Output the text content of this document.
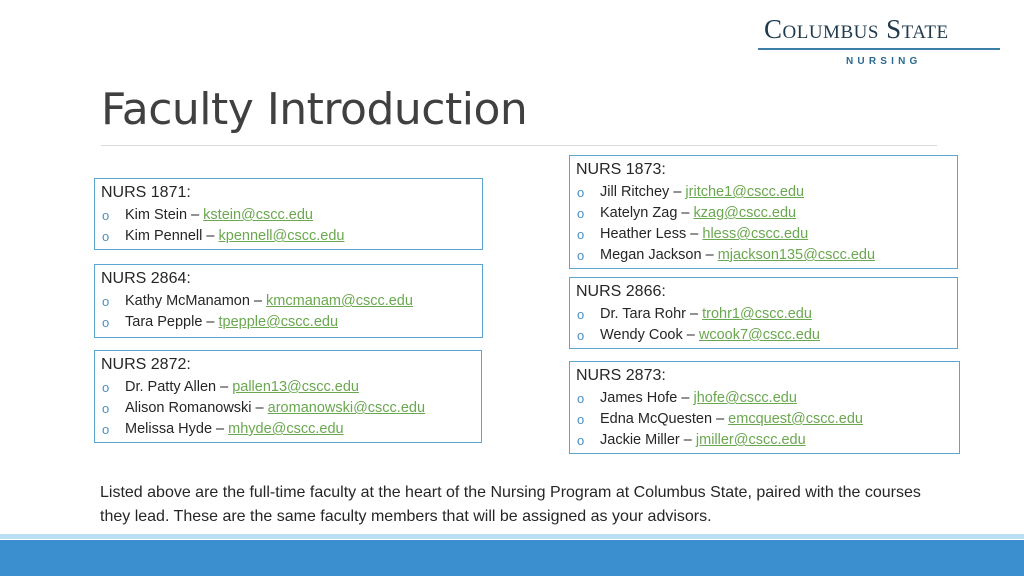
Columbus State
NURSING
Faculty Introduction
NURS 1871:
o Kim Stein – kstein@cscc.edu
o Kim Pennell – kpennell@cscc.edu
NURS 2864:
o Kathy McManamon – kmcmanam@cscc.edu
o Tara Pepple – tpepple@cscc.edu
NURS 2872:
o Dr. Patty Allen – pallen13@cscc.edu
o Alison Romanowski – aromanowski@cscc.edu
o Melissa Hyde – mhyde@cscc.edu
NURS 1873:
o Jill Ritchey – jritche1@cscc.edu
o Katelyn Zag – kzag@cscc.edu
o Heather Less – hless@cscc.edu
o Megan Jackson – mjackson135@cscc.edu
NURS 2866:
o Dr. Tara Rohr – trohr1@cscc.edu
o Wendy Cook – wcook7@cscc.edu
NURS 2873:
o James Hofe – jhofe@cscc.edu
o Edna McQuesten – emcquest@cscc.edu
o Jackie Miller – jmiller@cscc.edu

Listed above are the full-time faculty at the heart of the Nursing Program at Columbus State, paired with the courses they lead. These are the same faculty members that will be assigned as your advisors.
